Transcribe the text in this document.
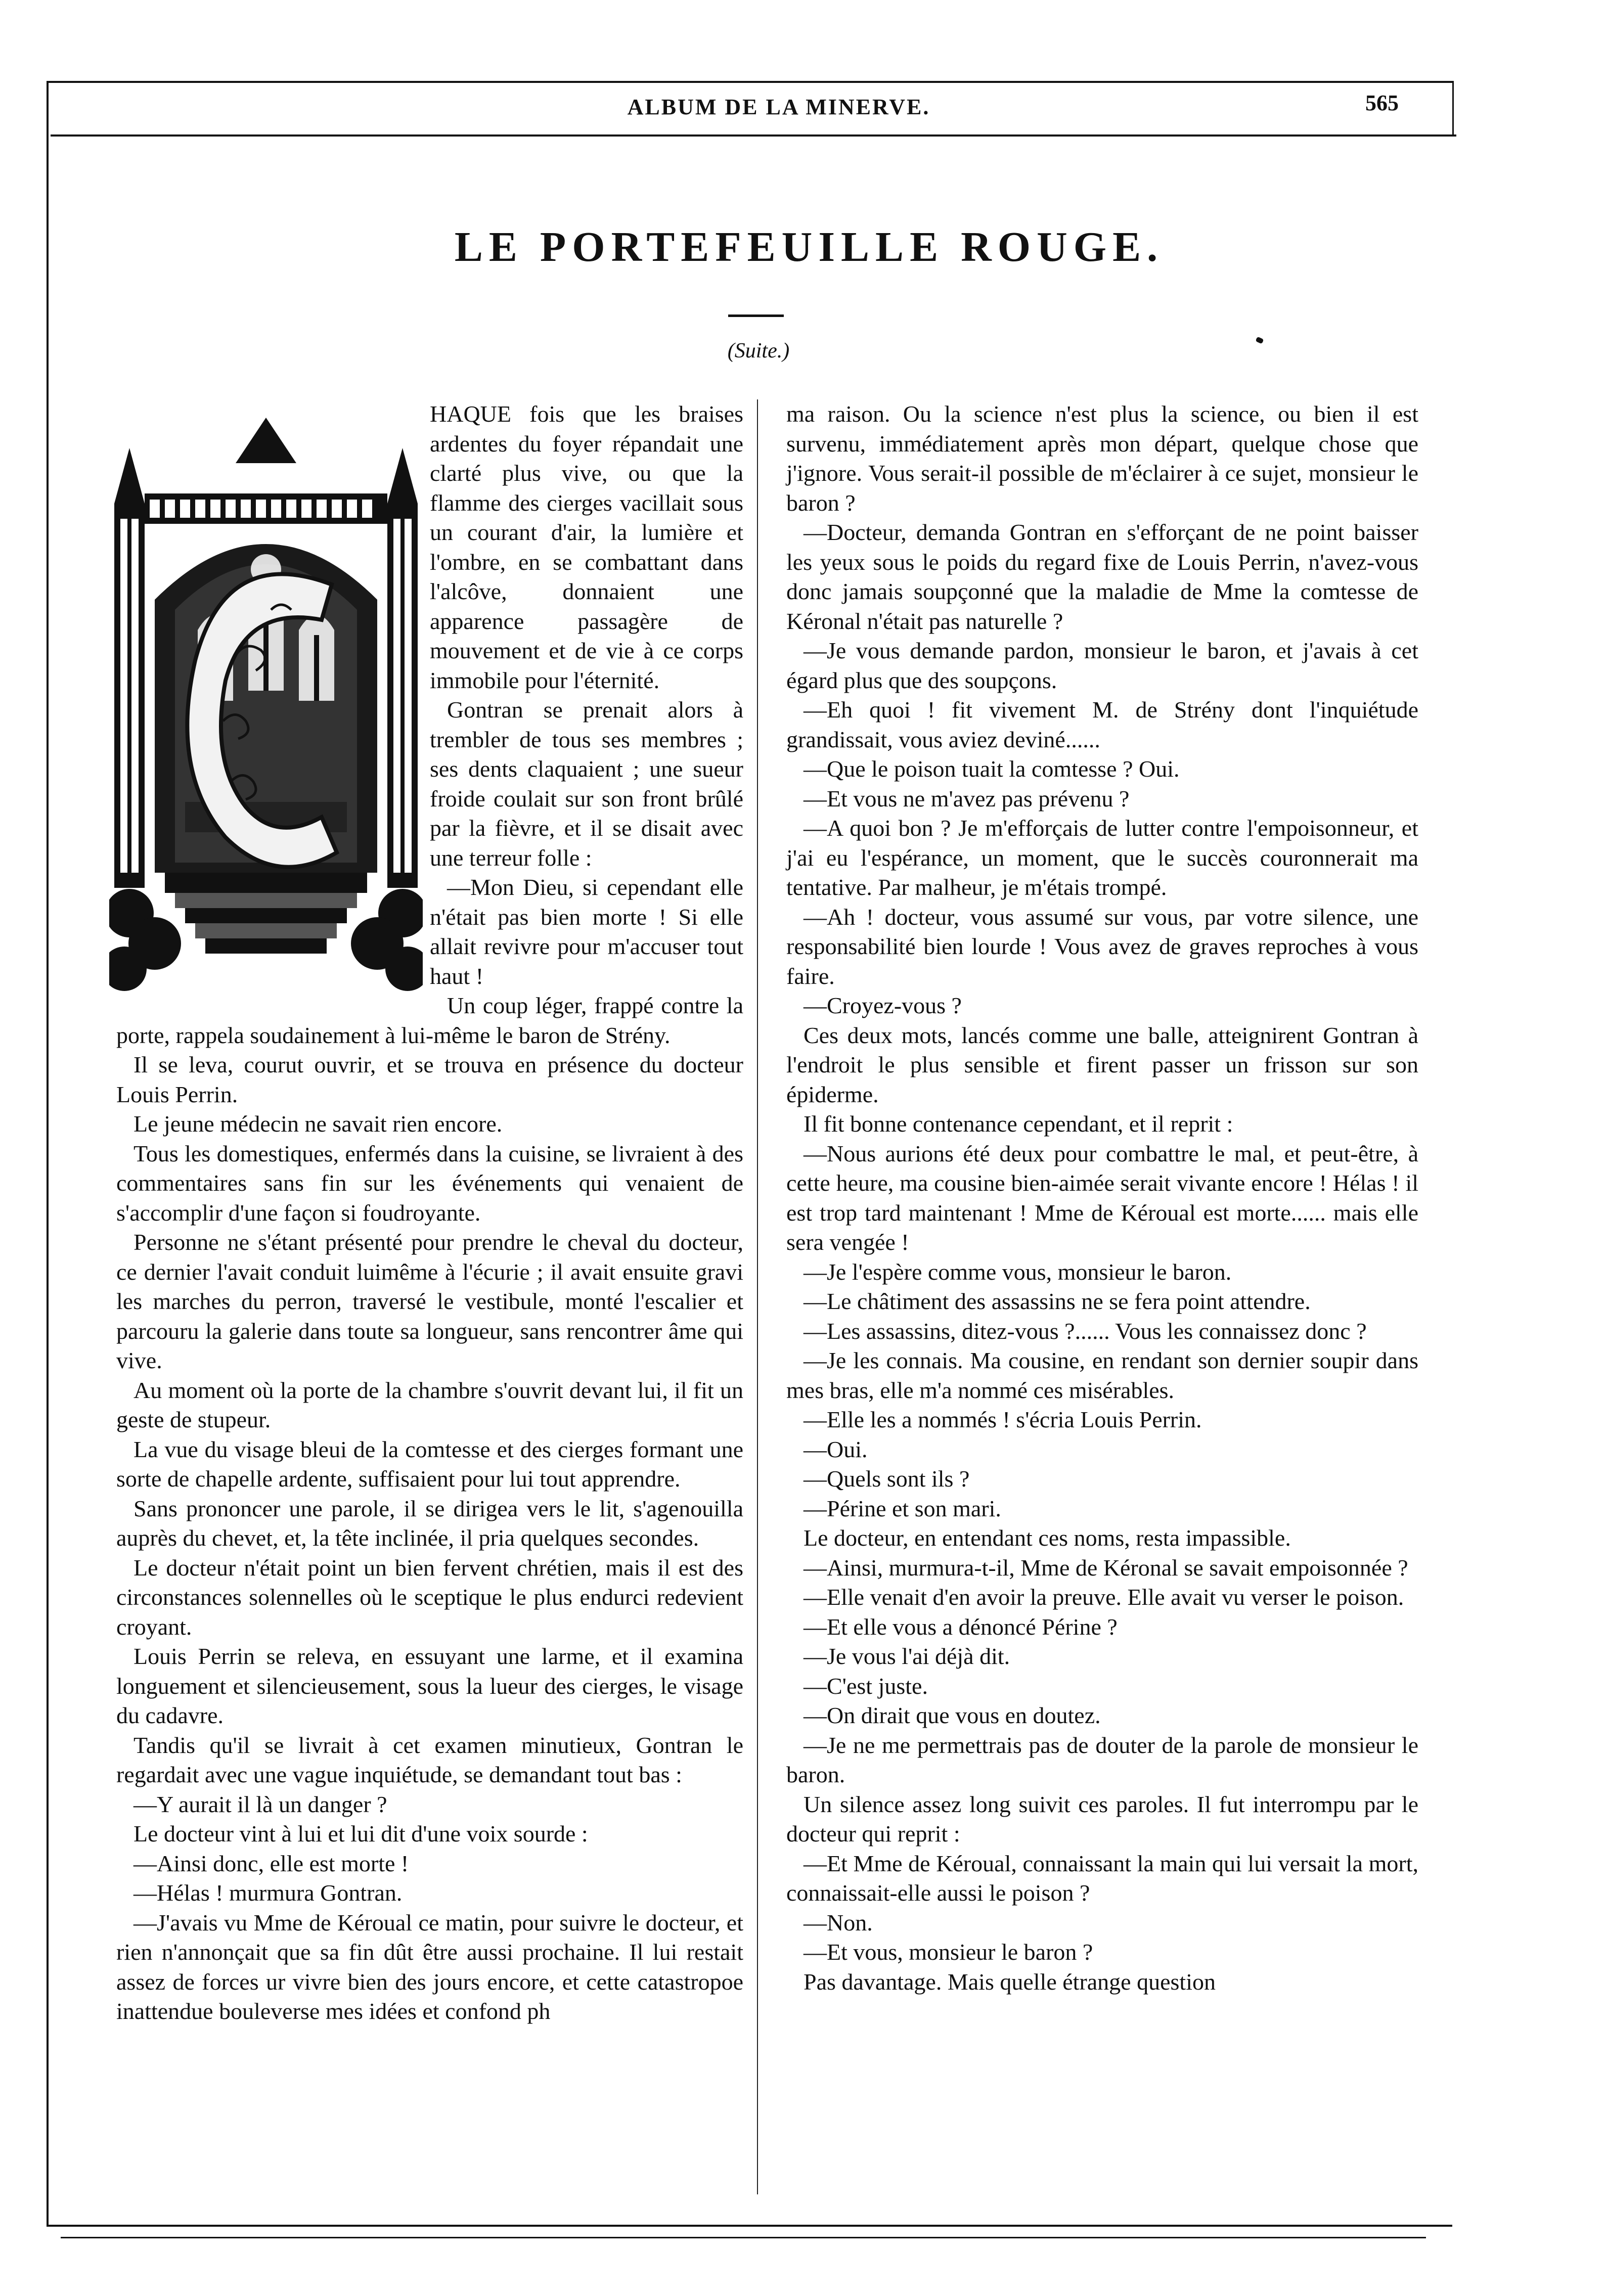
ALBUM DE LA MINERVE.	565
LE PORTEFEUILLE ROUGE.
(Suite.)

HAQUE fois que les braises ardentes du foyer répandait une clarté plus vive, ou que la flamme des cierges vacillait sous un courant d'air, la lumière et l'ombre, en se combattant dans l'alcôve, donnaient une apparence passagère de mouvement et de vie à ce corps immobile pour l'éternité.

Gontran se prenait alors à trembler de tous ses membres ; ses dents claquaient ; une sueur froide coulait sur son front brûlé par la fièvre, et il se disait avec une terreur folle :

—Mon Dieu, si cependant elle n'était pas bien morte ! Si elle allait revivre pour m'accuser tout haut !

Un coup léger, frappé contre la porte, rappela soudainement à lui-même le baron de Strény.

Il se leva, courut ouvrir, et se trouva en présence du docteur Louis Perrin.

Le jeune médecin ne savait rien encore.

Tous les domestiques, enfermés dans la cuisine, se livraient à des commentaires sans fin sur les événements qui venaient de s'accomplir d'une façon si foudroyante.

Personne ne s'étant présenté pour prendre le cheval du docteur, ce dernier l'avait conduit luimême à l'écurie ; il avait ensuite gravi les marches du perron, traversé le vestibule, monté l'escalier et parcouru la galerie dans toute sa longueur, sans rencontrer âme qui vive.

Au moment où la porte de la chambre s'ouvrit devant lui, il fit un geste de stupeur.

La vue du visage bleui de la comtesse et des cierges formant une sorte de chapelle ardente, suffisaient pour lui tout apprendre.

Sans prononcer une parole, il se dirigea vers le lit, s'agenouilla auprès du chevet, et, la tête inclinée, il pria quelques secondes.

Le docteur n'était point un bien fervent chrétien, mais il est des circonstances solennelles où le sceptique le plus endurci redevient croyant.

Louis Perrin se releva, en essuyant une larme, et il examina longuement et silencieusement, sous la lueur des cierges, le visage du cadavre.

Tandis qu'il se livrait à cet examen minutieux, Gontran le regardait avec une vague inquiétude, se demandant tout bas :

—Y aurait il là un danger ?

Le docteur vint à lui et lui dit d'une voix sourde :

—Ainsi donc, elle est morte !

—Hélas ! murmura Gontran.

—J'avais vu Mme de Kéroual ce matin, pour suivre le docteur, et rien n'annonçait que sa fin dût être aussi prochaine. Il lui restait assez de forces ur vivre bien des jours encore, et cette catastropoe inattendue bouleverse mes idées et confond ph

ma raison. Ou la science n'est plus la science, ou bien il est survenu, immédiatement après mon départ, quelque chose que j'ignore. Vous serait-il possible de m'éclairer à ce sujet, monsieur le baron ?

—Docteur, demanda Gontran en s'efforçant de ne point baisser les yeux sous le poids du regard fixe de Louis Perrin, n'avez-vous donc jamais soupçonné que la maladie de Mme la comtesse de Kéronal n'était pas naturelle ?

—Je vous demande pardon, monsieur le baron, et j'avais à cet égard plus que des soupçons.

—Eh quoi ! fit vivement M. de Strény dont l'inquiétude grandissait, vous aviez deviné......

—Que le poison tuait la comtesse ? Oui.

—Et vous ne m'avez pas prévenu ?

—A quoi bon ? Je m'efforçais de lutter contre l'empoisonneur, et j'ai eu l'espérance, un moment, que le succès couronnerait ma tentative. Par malheur, je m'étais trompé.

—Ah ! docteur, vous assumé sur vous, par votre silence, une responsabilité bien lourde ! Vous avez de graves reproches à vous faire.

—Croyez-vous ?

Ces deux mots, lancés comme une balle, atteignirent Gontran à l'endroit le plus sensible et firent passer un frisson sur son épiderme.

Il fit bonne contenance cependant, et il reprit :

—Nous aurions été deux pour combattre le mal, et peut-être, à cette heure, ma cousine bien-aimée serait vivante encore ! Hélas ! il est trop tard maintenant ! Mme de Kéroual est morte...... mais elle sera vengée !

—Je l'espère comme vous, monsieur le baron.

—Le châtiment des assassins ne se fera point attendre.

—Les assassins, ditez-vous ?...... Vous les connaissez donc ?

—Je les connais. Ma cousine, en rendant son dernier soupir dans mes bras, elle m'a nommé ces misérables.

—Elle les a nommés ! s'écria Louis Perrin.

—Oui.

—Quels sont ils ?

—Périne et son mari.

Le docteur, en entendant ces noms, resta impassible.

—Ainsi, murmura-t-il, Mme de Kéronal se savait empoisonnée ?

—Elle venait d'en avoir la preuve. Elle avait vu verser le poison.

—Et elle vous a dénoncé Périne ?

—Je vous l'ai déjà dit.

—C'est juste.

—On dirait que vous en doutez.

—Je ne me permettrais pas de douter de la parole de monsieur le baron.

Un silence assez long suivit ces paroles. Il fut interrompu par le docteur qui reprit :

—Et Mme de Kéroual, connaissant la main qui lui versait la mort, connaissait-elle aussi le poison ?

—Non.

—Et vous, monsieur le baron ?

Pas davantage. Mais quelle étrange question
